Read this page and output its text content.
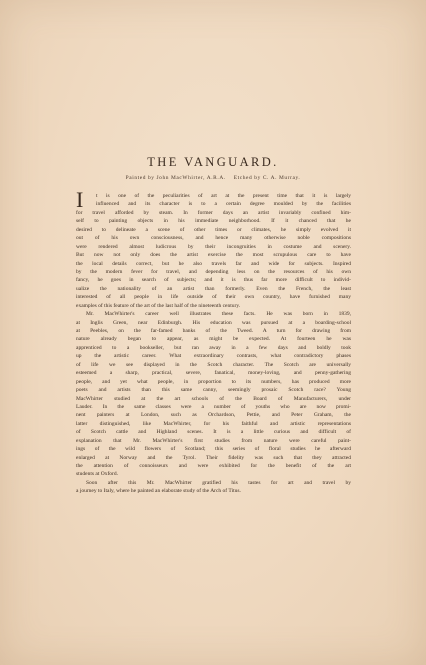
THE VANGUARD.
Painted by John MacWhirter, A.R.A. Etched by C. A. Murray.
I	t is one of the peculiarities of art at the present time that it is largely
influenced and its character is to a certain degree moulded by the facilities
for travel afforded by steam. In former days an artist invariably confined him-
self to painting objects in his immediate neighborhood. If it chanced that he
desired to delineate a scene of other times or climates, he simply evolved it
out of his own consciousness, and hence many otherwise noble compositions
were rendered almost ludicrous by their incongruities in costume and scenery.
But now not only does the artist exercise the most scrupulous care to have
the local details correct, but he also travels far and wide for subjects. Inspired
by the modern fever for travel, and depending less on the resources of his own
fancy, he goes in search of subjects; and it is thus far more difficult to individ-
ualize the nationality of an artist than formerly. Even the French, the least
interested of all people in life outside of their own country, have furnished many
examples of this feature of the art of the last half of the nineteenth century.
Mr. MacWhirter's career well illustrates these facts. He was born in 1839,
at Inglis Green, near Edinburgh. His education was pursued at a boarding-school
at Peebles, on the far-famed banks of the Tweed. A turn for drawing from
nature already began to appear, as might be expected. At fourteen he was
apprenticed to a bookseller, but ran away in a few days and boldly took
up the artistic career. What extraordinary contrasts, what contradictory phases
of life we see displayed in the Scotch character. The Scotch are universally
esteemed a sharp, practical, severe, fanatical, money-loving, and penny-gathering
people, and yet what people, in proportion to its numbers, has produced more
poets and artists than this same canny, seemingly prosaic Scotch race? Young
MacWhirter studied at the art schools of the Board of Manufacturers, under
Lauder. In the same classes were a number of youths who are now promi-
nent painters at London, such as Orchardson, Pettie, and Peter Graham, the
latter distinguished, like MacWhirter, for his faithful and artistic representations
of Scotch cattle and Highland scenes. It is a little curious and difficult of
explanation that Mr. MacWhirter's first studies from nature were careful paint-
ings of the wild flowers of Scotland; this series of floral studies he afterward
enlarged at Norway and the Tyrol. Their fidelity was such that they attracted
the attention of connoisseurs and were exhibited for the benefit of the art
students at Oxford.
Soon after this Mr. MacWhirter gratified his tastes for art and travel by
a journey to Italy, where he painted an elaborate study of the Arch of Titus.
